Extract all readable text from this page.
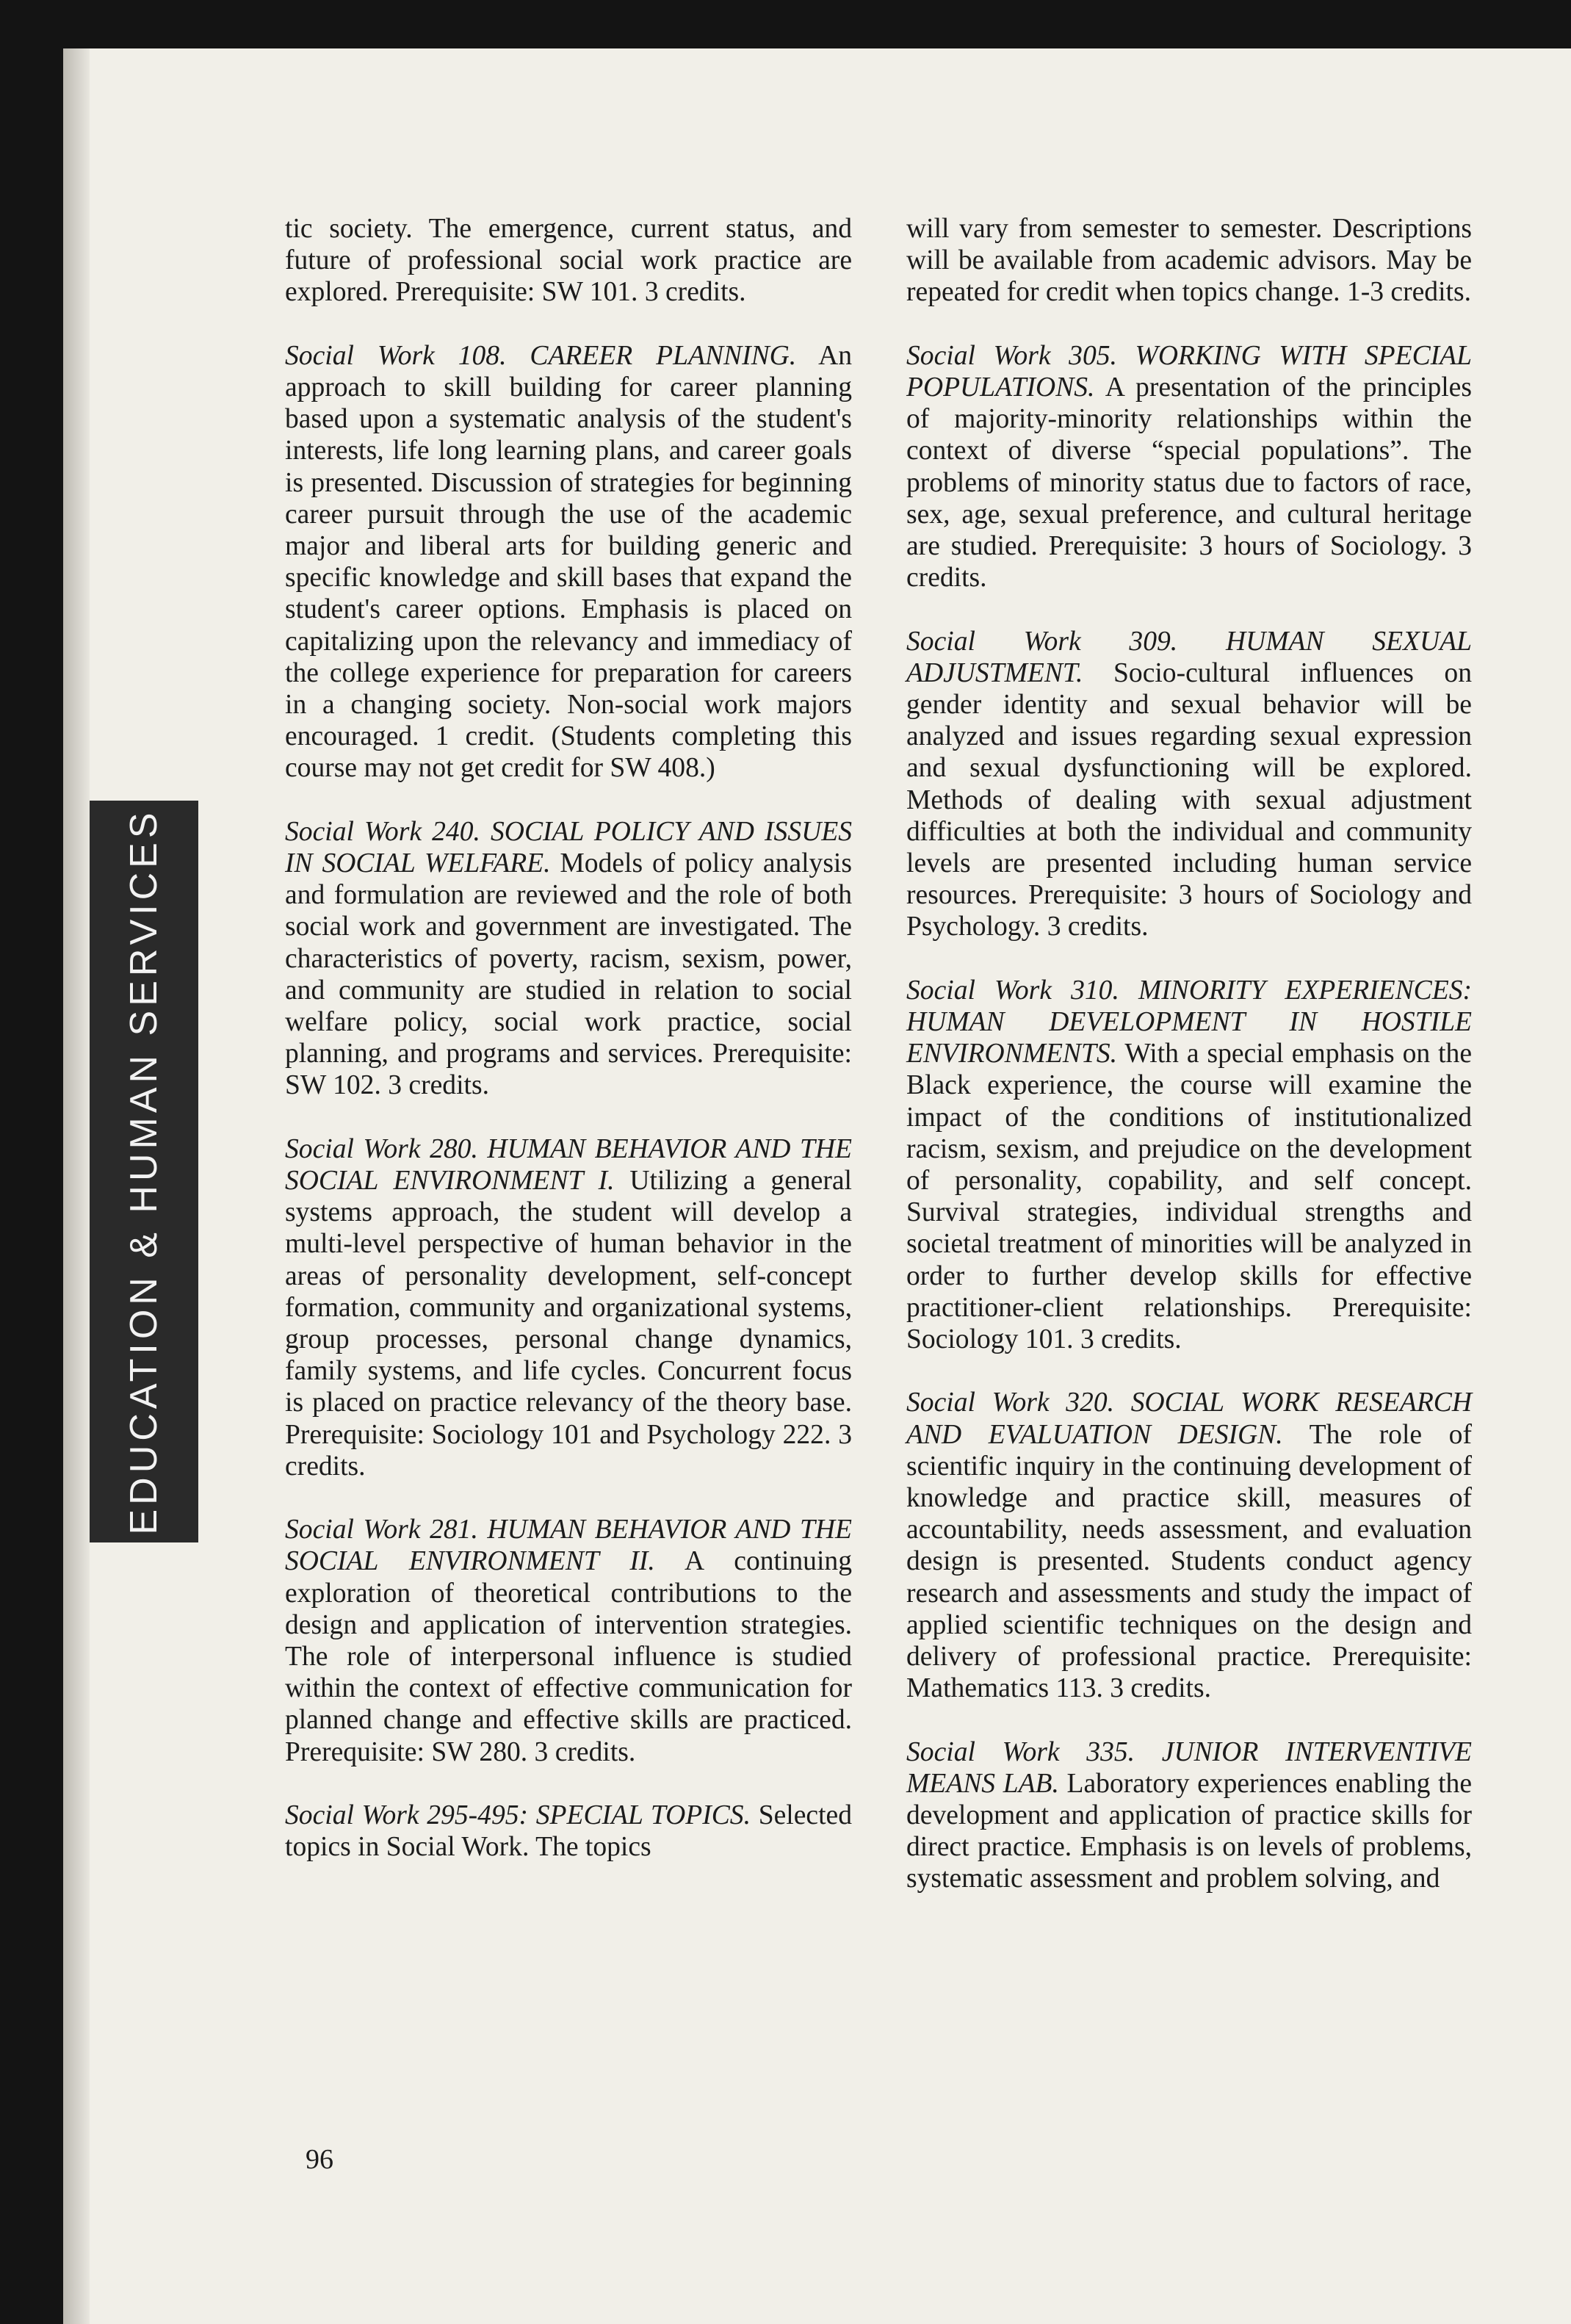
EDUCATION & HUMAN SERVICES

tic society. The emergence, current status, and future of professional social work practice are explored. Prerequisite: SW 101. 3 credits.

Social Work 108. CAREER PLANNING. An approach to skill building for career planning based upon a systematic analysis of the student's interests, life long learning plans, and career goals is presented. Discussion of strategies for beginning career pursuit through the use of the academic major and liberal arts for building generic and specific knowledge and skill bases that expand the student's career options. Emphasis is placed on capitalizing upon the relevancy and immediacy of the college experience for preparation for careers in a changing society. Non-social work majors encouraged. 1 credit. (Students completing this course may not get credit for SW 408.)

Social Work 240. SOCIAL POLICY AND ISSUES IN SOCIAL WELFARE. Models of policy analysis and formulation are reviewed and the role of both social work and government are investigated. The characteristics of poverty, racism, sexism, power, and community are studied in relation to social welfare policy, social work practice, social planning, and programs and services. Prerequisite: SW 102. 3 credits.

Social Work 280. HUMAN BEHAVIOR AND THE SOCIAL ENVIRONMENT I. Utilizing a general systems approach, the student will develop a multi-level perspective of human behavior in the areas of personality development, self-concept formation, community and organizational systems, group processes, personal change dynamics, family systems, and life cycles. Concurrent focus is placed on practice relevancy of the theory base. Prerequisite: Sociology 101 and Psychology 222. 3 credits.

Social Work 281. HUMAN BEHAVIOR AND THE SOCIAL ENVIRONMENT II. A continuing exploration of theoretical contributions to the design and application of intervention strategies. The role of interpersonal influence is studied within the context of effective communication for planned change and effective skills are practiced. Prerequisite: SW 280. 3 credits.

Social Work 295-495: SPECIAL TOPICS. Selected topics in Social Work. The topics

will vary from semester to semester. Descriptions will be available from academic advisors. May be repeated for credit when topics change. 1-3 credits.

Social Work 305. WORKING WITH SPECIAL POPULATIONS. A presentation of the principles of majority-minority relationships within the context of diverse “special populations”. The problems of minority status due to factors of race, sex, age, sexual preference, and cultural heritage are studied. Prerequisite: 3 hours of Sociology. 3 credits.

Social Work 309. HUMAN SEXUAL ADJUSTMENT. Socio-cultural influences on gender identity and sexual behavior will be analyzed and issues regarding sexual expression and sexual dysfunctioning will be explored. Methods of dealing with sexual adjustment difficulties at both the individual and community levels are presented including human service resources. Prerequisite: 3 hours of Sociology and Psychology. 3 credits.

Social Work 310. MINORITY EXPERIENCES: HUMAN DEVELOPMENT IN HOSTILE ENVIRONMENTS. With a special emphasis on the Black experience, the course will examine the impact of the conditions of institutionalized racism, sexism, and prejudice on the development of personality, copability, and self concept. Survival strategies, individual strengths and societal treatment of minorities will be analyzed in order to further develop skills for effective practitioner-client relationships. Prerequisite: Sociology 101. 3 credits.

Social Work 320. SOCIAL WORK RESEARCH AND EVALUATION DESIGN. The role of scientific inquiry in the continuing development of knowledge and practice skill, measures of accountability, needs assessment, and evaluation design is presented. Students conduct agency research and assessments and study the impact of applied scientific techniques on the design and delivery of professional practice. Prerequisite: Mathematics 113. 3 credits.

Social Work 335. JUNIOR INTERVENTIVE MEANS LAB. Laboratory experiences enabling the development and application of practice skills for direct practice. Emphasis is on levels of problems, systematic assessment and problem solving, and

96
